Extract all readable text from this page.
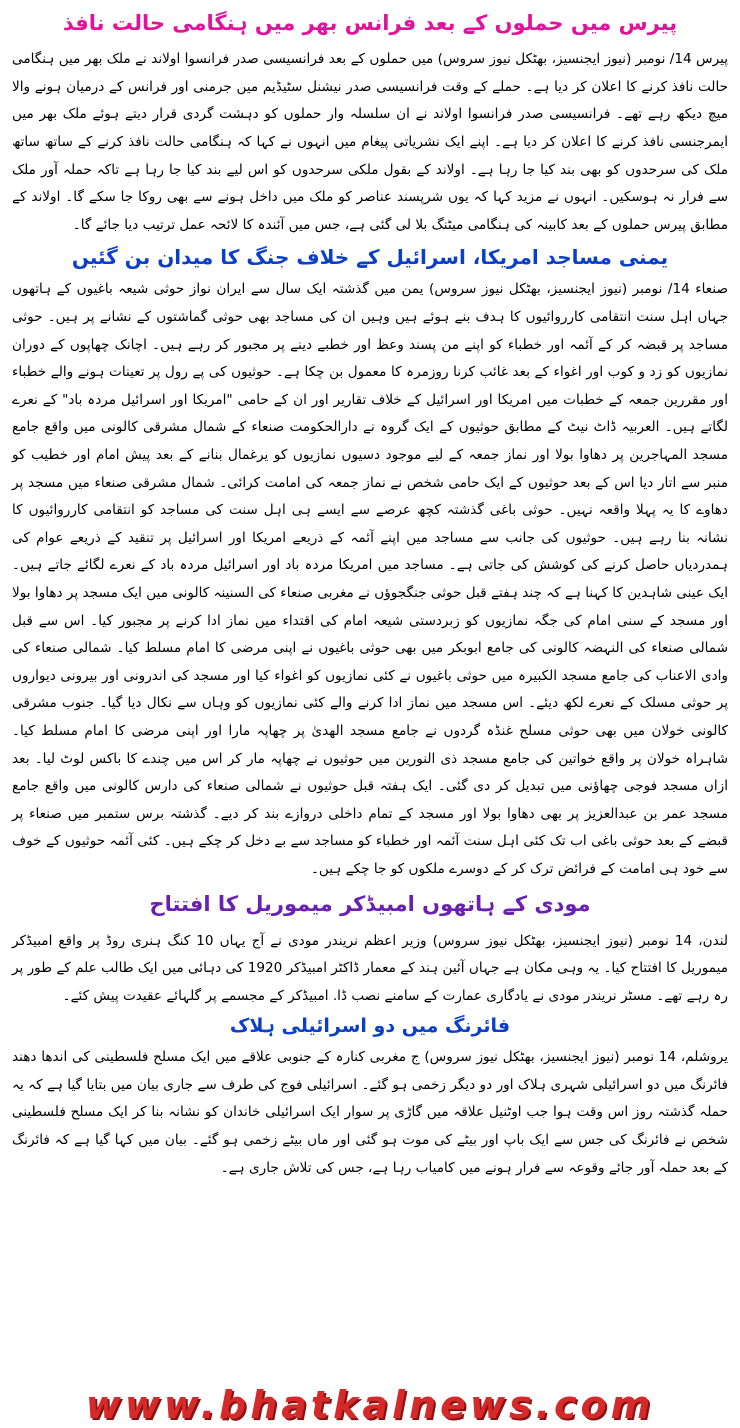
پیرس میں حملوں کے بعد فرانس بھر میں ہنگامی حالت نافذ

پیرس 14/ نومبر (نیوز ایجنسیز، بھٹکل نیوز سروس) میں حملوں کے بعد فرانسیسی صدر فرانسوا اولاند نے ملک بھر میں ہنگامی حالت نافذ کرنے کا اعلان کر دیا ہے۔ حملے کے وقت فرانسیسی صدر نیشنل سٹیڈیم میں جرمنی اور فرانس کے درمیان ہونے والا میچ دیکھ رہے تھے۔ فرانسیسی صدر فرانسوا اولاند نے ان سلسلہ وار حملوں کو دہشت گردی قرار دیتے ہوئے ملک بھر میں ایمرجنسی نافذ کرنے کا اعلان کر دیا ہے۔ اپنے ایک نشریاتی پیغام میں انہوں نے کہا کہ ہنگامی حالت نافذ کرنے کے ساتھ ساتھ ملک کی سرحدوں کو بھی بند کیا جا رہا ہے۔ اولاند کے بقول ملکی سرحدوں کو اس لیے بند کیا جا رہا ہے تاکہ حملہ آور ملک سے فرار نہ ہوسکیں۔ انہوں نے مزید کہا کہ یوں شرپسند عناصر کو ملک میں داخل ہونے سے بھی روکا جا سکے گا۔ اولاند کے مطابق پیرس حملوں کے بعد کابینہ کی ہنگامی میٹنگ بلا لی گئی ہے، جس میں آئندہ کا لائحہ عمل ترتیب دیا جائے گا۔

یمنی مساجد امریکا، اسرائیل کے خلاف جنگ کا میدان بن گئیں

صنعاء 14/ نومبر (نیوز ایجنسیز، بھٹکل نیوز سروس) یمن میں گذشتہ ایک سال سے ایران نواز حوثی شیعہ باغیوں کے ہاتھوں جہاں اہل سنت انتقامی کارروائیوں کا ہدف بنے ہوئے ہیں وہیں ان کی مساجد بھی حوثی گماشتوں کے نشانے پر ہیں۔ حوثی مساجد پر قبضہ کر کے آئمہ اور خطباء کو اپنے من پسند وعظ اور خطبے دینے پر مجبور کر رہے ہیں۔ اچانک چھاپوں کے دوران نمازیوں کو زد و کوب اور اغواء کے بعد غائب کرنا روزمرہ کا معمول بن چکا ہے۔ حوثیوں کی پے رول پر تعینات ہونے والے خطباء اور مقررین جمعہ کے خطبات میں امریکا اور اسرائیل کے خلاف تقاریر اور ان کے حامی "امریکا اور اسرائیل مردہ باد" کے نعرے لگاتے ہیں۔ العربیہ ڈاٹ نیٹ کے مطابق حوثیوں کے ایک گروہ نے دارالحکومت صنعاء کے شمال مشرقی کالونی میں واقع جامع مسجد المہاجرین پر دھاوا بولا اور نماز جمعہ کے لیے موجود دسیوں نمازیوں کو یرغمال بنانے کے بعد پیش امام اور خطیب کو منبر سے اتار دیا اس کے بعد حوثیوں کے ایک حامی شخص نے نماز جمعہ کی امامت کرائی۔ شمال مشرقی صنعاء میں مسجد پر دھاوے کا یہ پہلا واقعہ نہیں۔ حوثی باغی گذشتہ کچھ عرصے سے ایسے ہی اہل سنت کی مساجد کو انتقامی کارروائیوں کا نشانہ بنا رہے ہیں۔ حوثیوں کی جانب سے مساجد میں اپنے آئمہ کے ذریعے امریکا اور اسرائیل پر تنقید کے ذریعے عوام کی ہمدردیاں حاصل کرنے کی کوشش کی جاتی ہے۔ مساجد میں امریکا مردہ باد اور اسرائیل مردہ باد کے نعرے لگائے جاتے ہیں۔ ایک عینی شاہدین کا کہنا ہے کہ چند ہفتے قبل حوثی جنگجوؤں نے مغربی صنعاء کی السنینہ کالونی میں ایک مسجد پر دھاوا بولا اور مسجد کے سنی امام کی جگہ نمازیوں کو زبردستی شیعہ امام کی اقتداء میں نماز ادا کرنے پر مجبور کیا۔ اس سے قبل شمالی صنعاء کی النہضہ کالونی کی جامع ابوبکر میں بھی حوثی باغیوں نے اپنی مرضی کا امام مسلط کیا۔ شمالی صنعاء کی وادی الاعناب کی جامع مسجد الکبیرہ میں حوثی باغیوں نے کئی نمازیوں کو اغواء کیا اور مسجد کی اندرونی اور بیرونی دیواروں پر حوثی مسلک کے نعرے لکھ دیئے۔ اس مسجد میں نماز ادا کرنے والے کئی نمازیوں کو وہاں سے نکال دیا گیا۔ جنوب مشرقی کالونی خولان میں بھی حوثی مسلح غنڈہ گردوں نے جامع مسجد الھدیٰ پر چھاپہ مارا اور اپنی مرضی کا امام مسلط کیا۔ شاہراہ خولان پر واقع خواتین کی جامع مسجد ذی النورین میں حوثیوں نے چھاپہ مار کر اس میں چندے کا باکس لوٹ لیا۔ بعد ازاں مسجد فوجی چھاؤنی میں تبدیل کر دی گئی۔ ایک ہفتہ قبل حوثیوں نے شمالی صنعاء کی دارس کالونی میں واقع جامع مسجد عمر بن عبدالعزیز پر بھی دھاوا بولا اور مسجد کے تمام داخلی دروازے بند کر دیے۔ گذشتہ برس ستمبر میں صنعاء پر قبضے کے بعد حوثی باغی اب تک کئی اہل سنت آئمہ اور خطباء کو مساجد سے بے دخل کر چکے ہیں۔ کئی آئمہ حوثیوں کے خوف سے خود ہی امامت کے فرائض ترک کر کے دوسرے ملکوں کو جا چکے ہیں۔

مودی کے ہاتھوں امبیڈکر میموریل کا افتتاح

لندن، 14 نومبر (نیوز ایجنسیز، بھٹکل نیوز سروس) وزیر اعظم نریندر مودی نے آج یہاں 10 کنگ ہنری روڈ پر واقع امبیڈکر میموریل کا افتتاح کیا۔ یہ وہی مکان ہے جہاں آئین ہند کے معمار ڈاکٹر امبیڈکر 1920 کی دہائی میں ایک طالب علم کے طور پر رہ رہے تھے۔ مسٹر نریندر مودی نے یادگاری عمارت کے سامنے نصب ڈا. امبیڈکر کے مجسمے پر گلہائے عقیدت پیش کئے۔

فائرنگ میں دو اسرائیلی ہلاک

یروشلم، 14 نومبر (نیوز ایجنسیز، بھٹکل نیوز سروس) ج مغربی کنارہ کے جنوبی علاقے میں ایک مسلح فلسطینی کی اندھا دھند فائرنگ میں دو اسرائیلی شہری ہلاک اور دو دیگر زخمی ہو گئے۔ اسرائیلی فوج کی طرف سے جاری بیان میں بتایا گیا ہے کہ یہ حملہ گذشتہ روز اس وقت ہوا جب اوٹنیل علاقہ میں گاڑی پر سوار ایک اسرائیلی خاندان کو نشانہ بنا کر ایک مسلح فلسطینی شخص نے فائرنگ کی جس سے ایک باپ اور بیٹے کی موت ہو گئی اور ماں بیٹے زخمی ہو گئے۔ بیان میں کہا گیا ہے کہ فائرنگ کے بعد حملہ آور جائے وقوعہ سے فرار ہونے میں کامیاب رہا ہے، جس کی تلاش جاری ہے۔

www.bhatkalnews.com
